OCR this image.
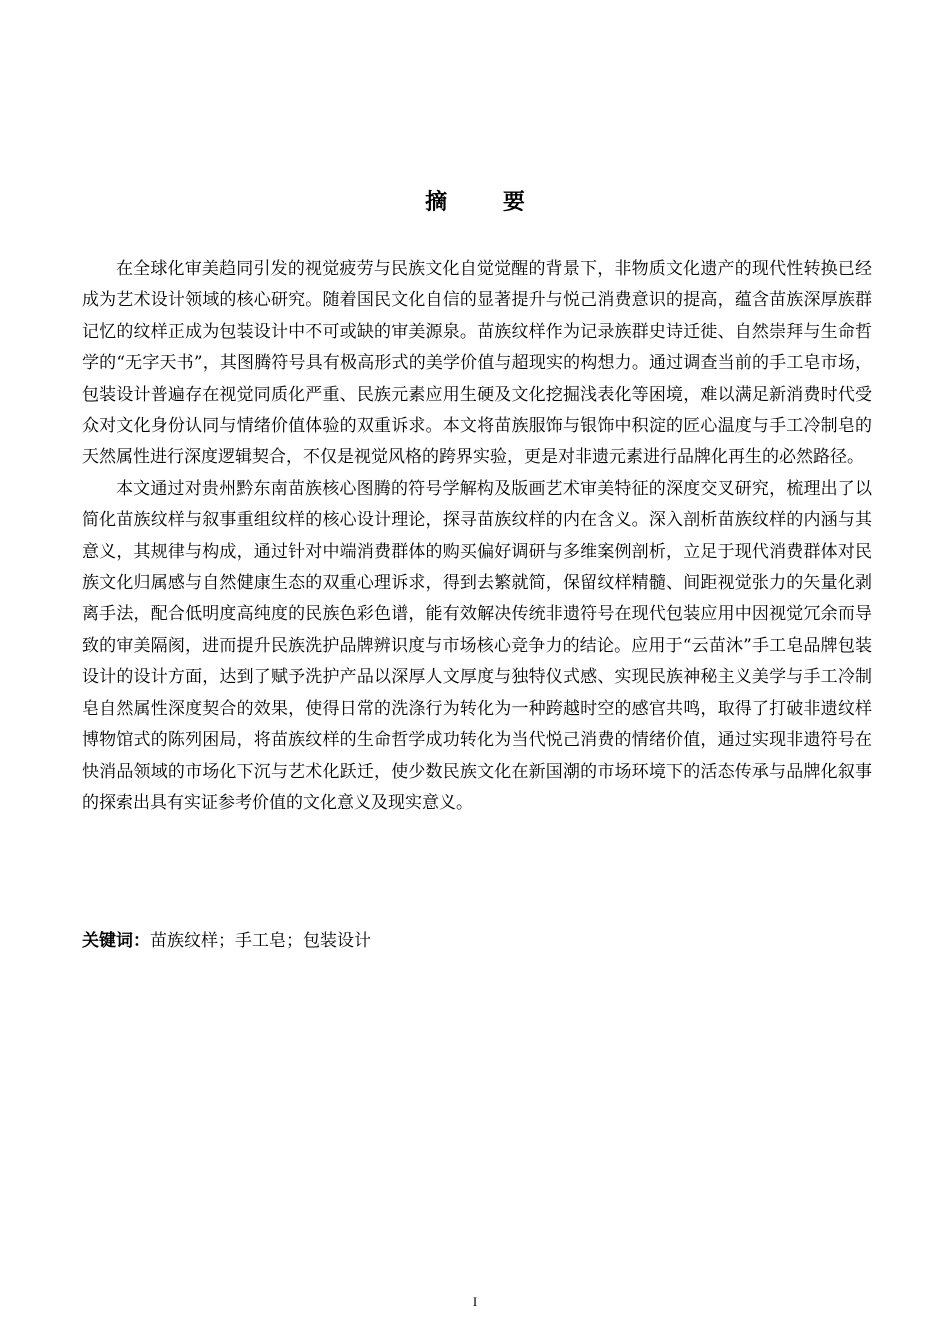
摘 要

在全球化审美趋同引发的视觉疲劳与民族文化自觉觉醒的背景下，非物质文化遗产的现代性转换已经成为艺术设计领域的核心研究。随着国民文化自信的显著提升与悦己消费意识的提高，蕴含苗族深厚族群记忆的纹样正成为包装设计中不可或缺的审美源泉。苗族纹样作为记录族群史诗迁徙、自然崇拜与生命哲学的“无字天书”，其图腾符号具有极高形式的美学价值与超现实的构想力。通过调查当前的手工皂市场，包装设计普遍存在视觉同质化严重、民族元素应用生硬及文化挖掘浅表化等困境，难以满足新消费时代受众对文化身份认同与情绪价值体验的双重诉求。本文将苗族服饰与银饰中积淀的匠心温度与手工冷制皂的天然属性进行深度逻辑契合，不仅是视觉风格的跨界实验，更是对非遗元素进行品牌化再生的必然路径。

本文通过对贵州黔东南苗族核心图腾的符号学解构及版画艺术审美特征的深度交叉研究，梳理出了以简化苗族纹样与叙事重组纹样的核心设计理论，探寻苗族纹样的内在含义。深入剖析苗族纹样的内涵与其意义，其规律与构成，通过针对中端消费群体的购买偏好调研与多维案例剖析，立足于现代消费群体对民族文化归属感与自然健康生态的双重心理诉求，得到去繁就简，保留纹样精髓、间距视觉张力的矢量化剥离手法，配合低明度高纯度的民族色彩色谱，能有效解决传统非遗符号在现代包装应用中因视觉冗余而导致的审美隔阂，进而提升民族洗护品牌辨识度与市场核心竞争力的结论。应用于“云苗沐”手工皂品牌包装设计的设计方面，达到了赋予洗护产品以深厚人文厚度与独特仪式感、实现民族神秘主义美学与手工冷制皂自然属性深度契合的效果，使得日常的洗涤行为转化为一种跨越时空的感官共鸣，取得了打破非遗纹样博物馆式的陈列困局，将苗族纹样的生命哲学成功转化为当代悦己消费的情绪价值，通过实现非遗符号在快消品领域的市场化下沉与艺术化跃迁，使少数民族文化在新国潮的市场环境下的活态传承与品牌化叙事的探索出具有实证参考价值的文化意义及现实意义。

关键词：苗族纹样；手工皂；包装设计
I
